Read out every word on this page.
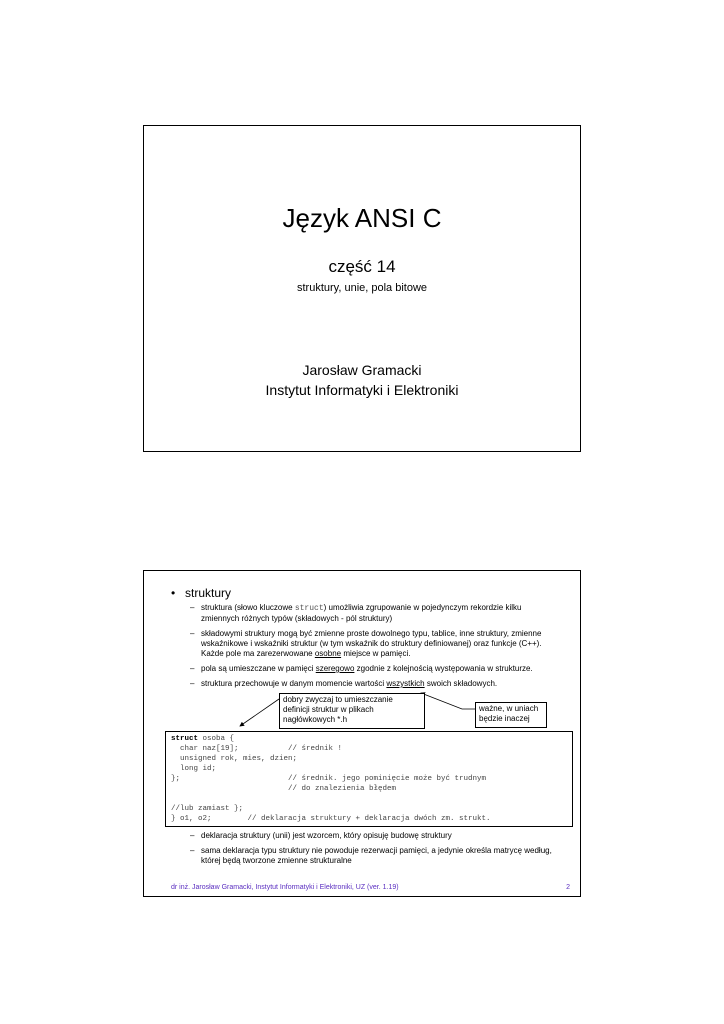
Język ANSI C
część 14
struktury, unie, pola bitowe
Jarosław Gramacki
Instytut Informatyki i Elektroniki
• struktury
– struktura (słowo kluczowe struct) umożliwia zgrupowanie w pojedynczym rekordzie kilku zmiennych różnych typów (składowych - pól struktury)
– składowymi struktury mogą być zmienne proste dowolnego typu, tablice, inne struktury, zmienne wskaźnikowe i wskaźniki struktur (w tym wskaźnik do struktury definiowanej) oraz funkcje (C++). Każde pole ma zarezerwowane osobne miejsce w pamięci.
– pola są umieszczane w pamięci szeregowo zgodnie z kolejnością występowania w strukturze.
– struktura przechowuje w danym momencie wartości wszystkich swoich składowych.
dobry zwyczaj to umieszczanie definicji struktur w plikach nagłówkowych *.h
ważne, w uniach będzie inaczej
struct osoba {
char naz[19];           // średnik !
unsigned rok, mies, dzien;
long id;
};                        // średnik. jego pominięcie może być trudnym
// do znalezienia błędem
//lub zamiast };
} o1, o2;        // deklaracja struktury + deklaracja dwóch zm. strukt.
– deklaracja struktury (unii) jest wzorcem, który opisuję budowę struktury
– sama deklaracja typu struktury nie powoduje rezerwacji pamięci, a jedynie określa matrycę według, której będą tworzone zmienne strukturalne
dr inż. Jarosław Gramacki, Instytut Informatyki i Elektroniki, UZ (ver. 1.19)	2
